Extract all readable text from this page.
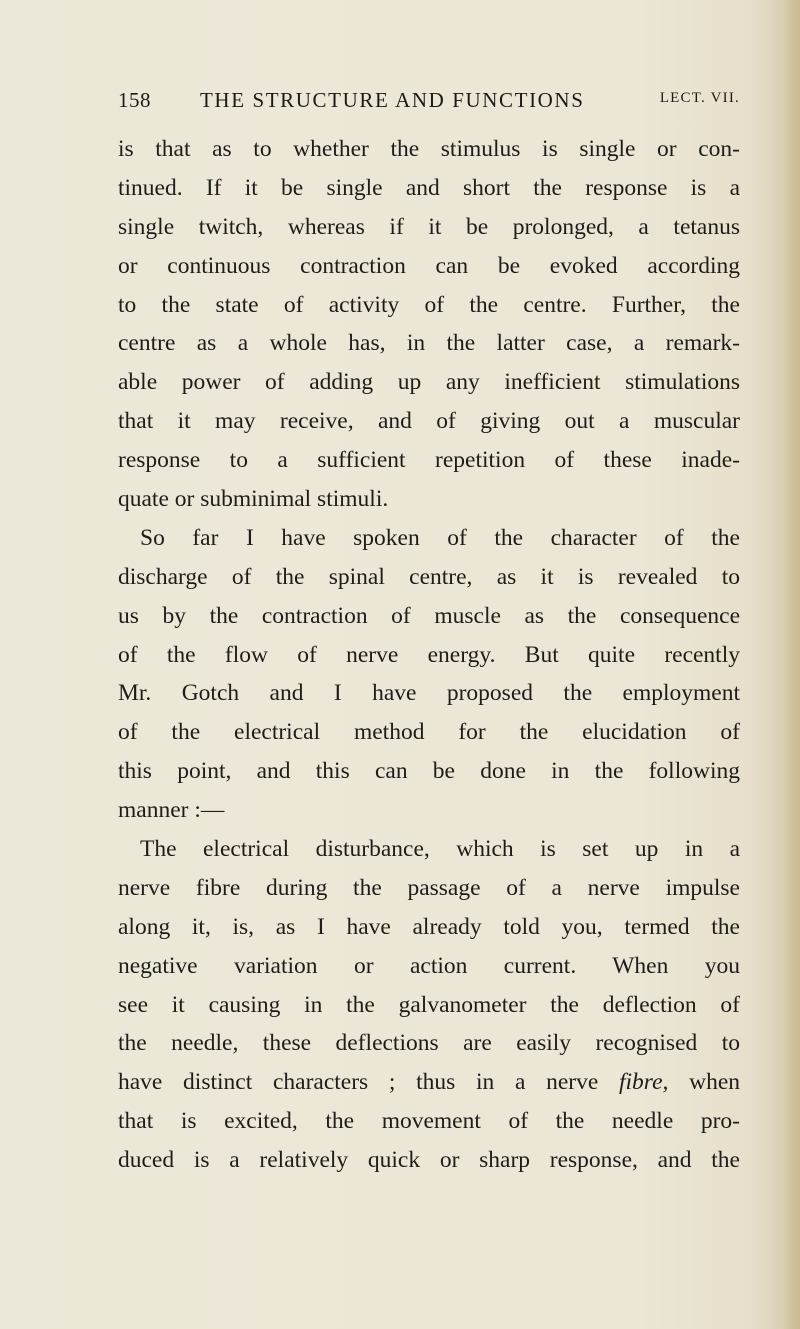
158 THE STRUCTURE AND FUNCTIONS	LECT. VII.
is that as to whether the stimulus is single or con-
tinued. If it be single and short the response is a
single twitch, whereas if it be prolonged, a tetanus
or continuous contraction can be evoked according
to the state of activity of the centre. Further, the
centre as a whole has, in the latter case, a remark-
able power of adding up any inefficient stimulations
that it may receive, and of giving out a muscular
response to a sufficient repetition of these inade-
quate or subminimal stimuli.
So far I have spoken of the character of the
discharge of the spinal centre, as it is revealed to
us by the contraction of muscle as the consequence
of the flow of nerve energy. But quite recently
Mr. Gotch and I have proposed the employment
of the electrical method for the elucidation of
this point, and this can be done in the following
manner :—
The electrical disturbance, which is set up in a
nerve fibre during the passage of a nerve impulse
along it, is, as I have already told you, termed the
negative variation or action current. When you
see it causing in the galvanometer the deflection of
the needle, these deflections are easily recognised to
have distinct characters ; thus in a nerve fibre, when
that is excited, the movement of the needle pro-
duced is a relatively quick or sharp response, and the
